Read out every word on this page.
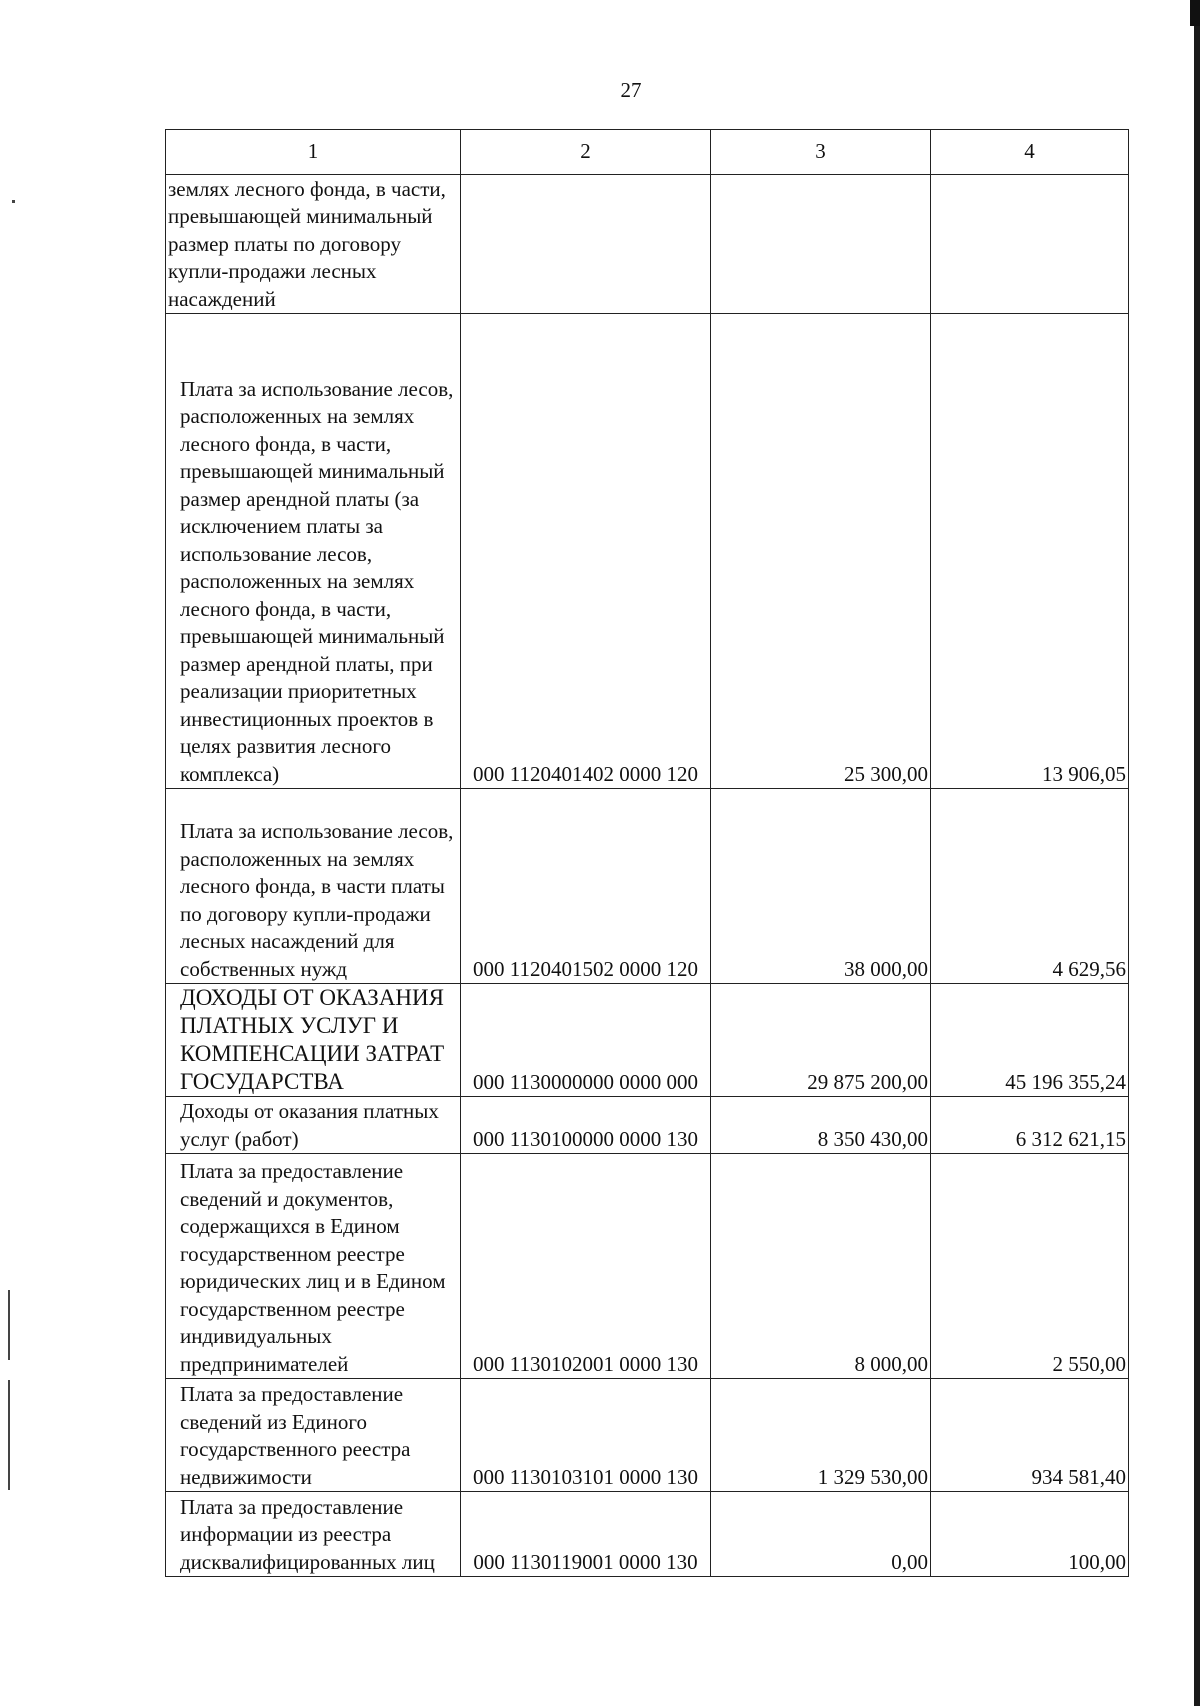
27
1	2	3	4
землях лесного фонда, в части, превышающей минимальный размер платы по договору купли-продажи лесных насаждений			
Плата за использование лесов, расположенных на землях лесного фонда, в части, превышающей минимальный размер арендной платы (за исключением платы за использование лесов, расположенных на землях лесного фонда, в части, превышающей минимальный размер арендной платы, при реализации приоритетных инвестиционных проектов в целях развития лесного комплекса)	000 1120401402 0000 120	25 300,00	13 906,05
Плата за использование лесов, расположенных на землях лесного фонда, в части платы по договору купли-продажи лесных насаждений для собственных нужд	000 1120401502 0000 120	38 000,00	4 629,56
ДОХОДЫ ОТ ОКАЗАНИЯ ПЛАТНЫХ УСЛУГ И КОМПЕНСАЦИИ ЗАТРАТ ГОСУДАРСТВА	000 1130000000 0000 000	29 875 200,00	45 196 355,24
Доходы от оказания платных услуг (работ)	000 1130100000 0000 130	8 350 430,00	6 312 621,15
Плата за предоставление сведений и документов, содержащихся в Едином государственном реестре юридических лиц и в Едином государственном реестре индивидуальных предпринимателей	000 1130102001 0000 130	8 000,00	2 550,00
Плата за предоставление сведений из Единого государственного реестра недвижимости	000 1130103101 0000 130	1 329 530,00	934 581,40
Плата за предоставление информации из реестра дисквалифицированных лиц	000 1130119001 0000 130	0,00	100,00
